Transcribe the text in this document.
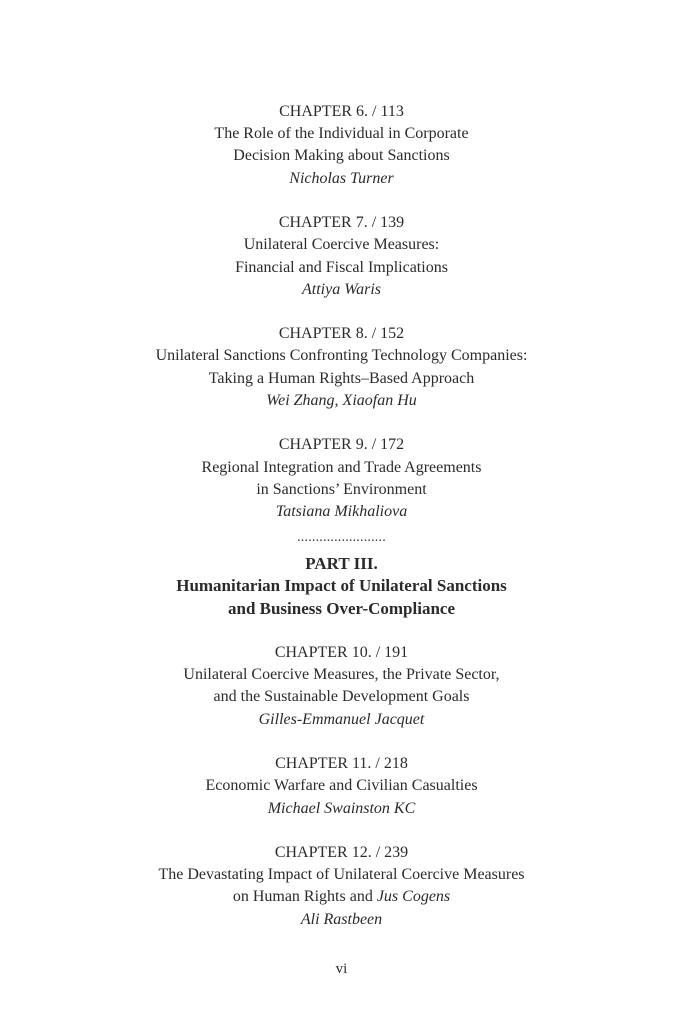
CHAPTER 6. / 113
The Role of the Individual in Corporate
Decision Making about Sanctions
Nicholas Turner
CHAPTER 7. / 139
Unilateral Coercive Measures:
Financial and Fiscal Implications
Attiya Waris
CHAPTER 8. / 152
Unilateral Sanctions Confronting Technology Companies:
Taking a Human Rights–Based Approach
Wei Zhang, Xiaofan Hu
CHAPTER 9. / 172
Regional Integration and Trade Agreements
in Sanctions’ Environment
Tatsiana Mikhaliova
........................
PART III.
Humanitarian Impact of Unilateral Sanctions
and Business Over-Compliance
CHAPTER 10. / 191
Unilateral Coercive Measures, the Private Sector,
and the Sustainable Development Goals
Gilles-Emmanuel Jacquet
CHAPTER 11. / 218
Economic Warfare and Civilian Casualties
Michael Swainston KC
CHAPTER 12. / 239
The Devastating Impact of Unilateral Coercive Measures
on Human Rights and Jus Cogens
Ali Rastbeen
vi
